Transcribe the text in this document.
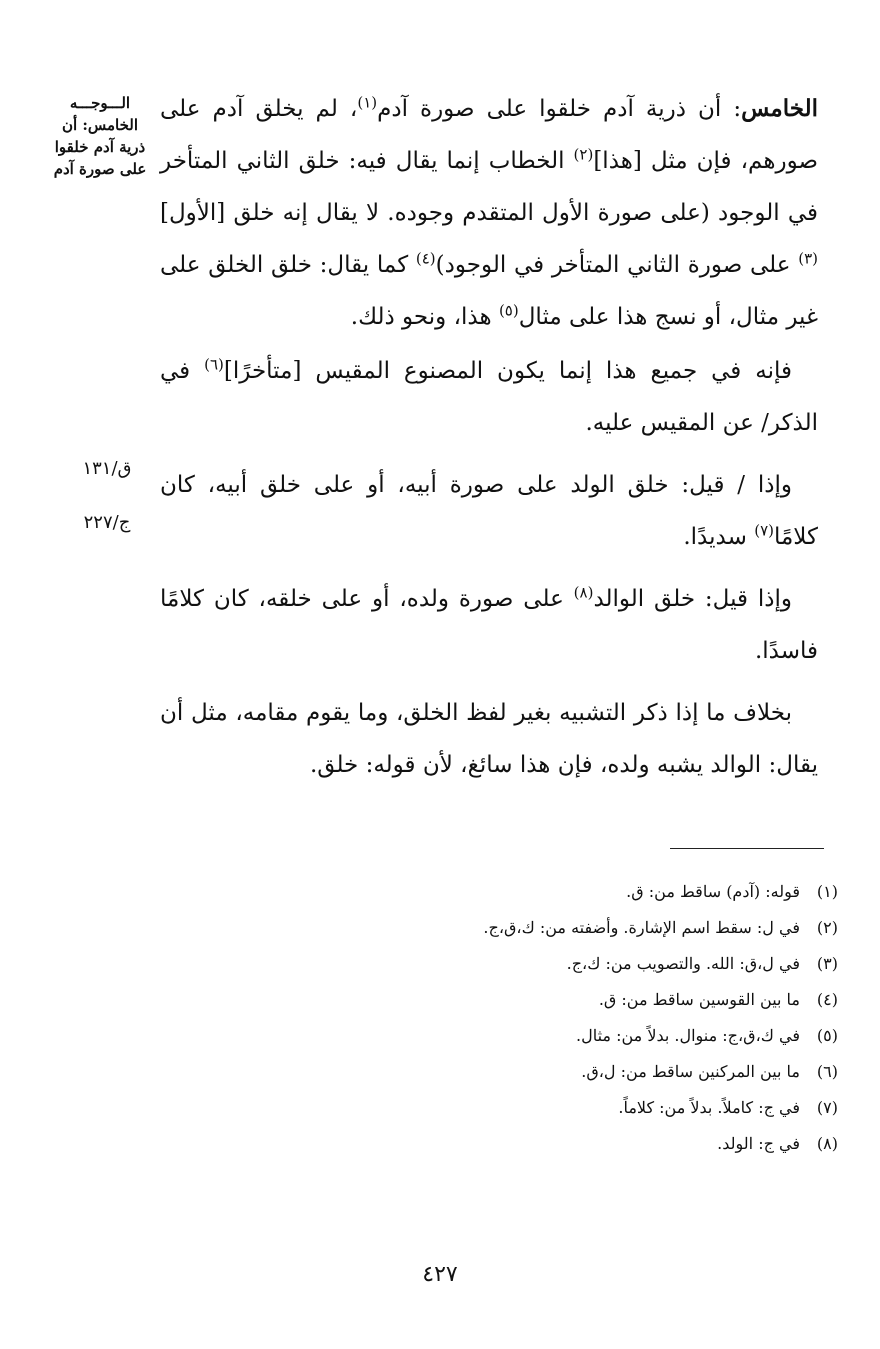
الـــوجـــه الخامس: أن ذرية آدم خلقوا على صورة آدم
ق/١٣١
ج/٢٢٧

الخامس: أن ذرية آدم خلقوا على صورة آدم$^{(١)}$، لم يخلق آدم على صورهم، فإن مثل [هذا]$^{(٢)}$ الخطاب إنما يقال فيه: خلق الثاني المتأخر في الوجود (على صورة الأول المتقدم وجوده. لا يقال إنه خلق [الأول]$^{(٣)}$ على صورة الثاني المتأخر في الوجود)$^{(٤)}$ كما يقال: خلق الخلق على غير مثال، أو نسج هذا على مثال$^{(٥)}$ هذا، ونحو ذلك.

فإنه في جميع هذا إنما يكون المصنوع المقيس [متأخرًا]$^{(٦)}$ في الذكر/ عن المقيس عليه.

وإذا / قيل: خلق الولد على صورة أبيه، أو على خلق أبيه، كان كلامًا$^{(٧)}$ سديدًا.

وإذا قيل: خلق الوالد$^{(٨)}$ على صورة ولده، أو على خلقه، كان كلامًا فاسدًا.

بخلاف ما إذا ذكر التشبيه بغير لفظ الخلق، وما يقوم مقامه، مثل أن يقال: الوالد يشبه ولده، فإن هذا سائغ، لأن قوله: خلق.

(١)قوله: (آدم) ساقط من: ق.
(٢)في ل: سقط اسم الإشارة. وأضفته من: ك،ق،ج.
(٣)في ل،ق: الله. والتصويب من: ك،ج.
(٤)ما بين القوسين ساقط من: ق.
(٥)في ك،ق،ج: منوال. بدلاً من: مثال.
(٦)ما بين المركنين ساقط من: ل،ق.
(٧)في ج: كاملاً. بدلاً من: كلاماً.
(٨)في ج: الولد.
٤٢٧
